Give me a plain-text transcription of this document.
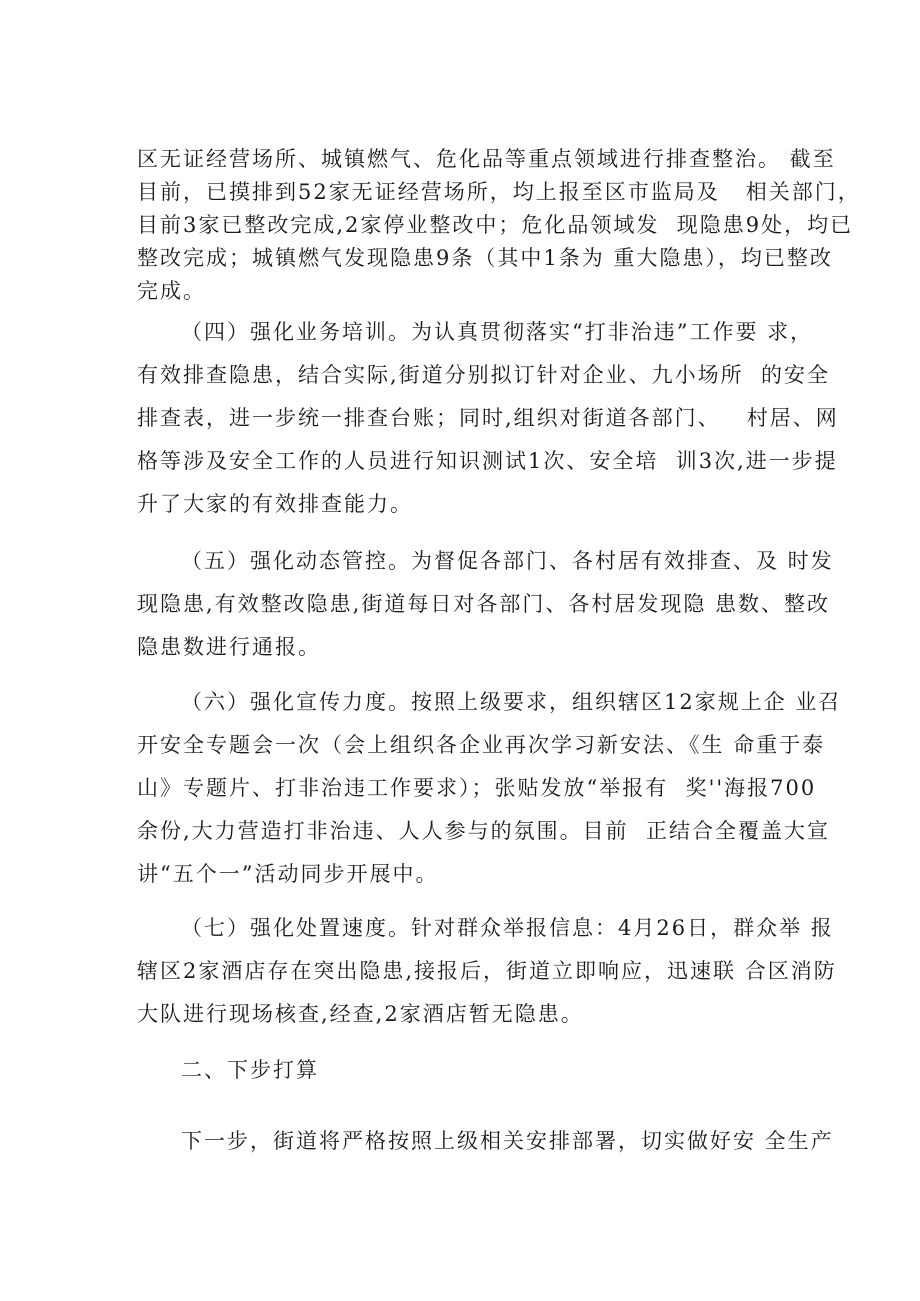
区无证经营场所、城镇燃气、危化品等重点领域进行排查整治。 截至
目前，已摸排到52家无证经营场所，均上报至区市监局及   相关部门，
目前3家已整改完成,2家停业整改中；危化品领域发  现隐患9处，均已
整改完成；城镇燃气发现隐患9条（其中1条为 重大隐患），均已整改
完成。
（四）强化业务培训。为认真贯彻落实“打非治违”工作要 求，
有效排查隐患，结合实际,街道分别拟订针对企业、九小场所  的安全
排查表，进一步统一排查台账；同时,组织对街道各部门、   村居、网
格等涉及安全工作的人员进行知识测试1次、安全培  训3次,进一步提
升了大家的有效排查能力。
（五）强化动态管控。为督促各部门、各村居有效排查、及 时发
现隐患,有效整改隐患,街道每日对各部门、各村居发现隐 患数、整改
隐患数进行通报。
（六）强化宣传力度。按照上级要求，组织辖区12家规上企 业召
开安全专题会一次（会上组织各企业再次学习新安法、《生 命重于泰
山》专题片、打非治违工作要求）；张贴发放“举报有  奖''海报700
余份,大力营造打非治违、人人参与的氛围。目前  正结合全覆盖大宣
讲“五个一”活动同步开展中。
（七）强化处置速度。针对群众举报信息：4月26日，群众举 报
辖区2家酒店存在突出隐患,接报后，街道立即响应，迅速联 合区消防
大队进行现场核查,经查,2家酒店暂无隐患。
二、下步打算
下一步，街道将严格按照上级相关安排部署，切实做好安 全生产
